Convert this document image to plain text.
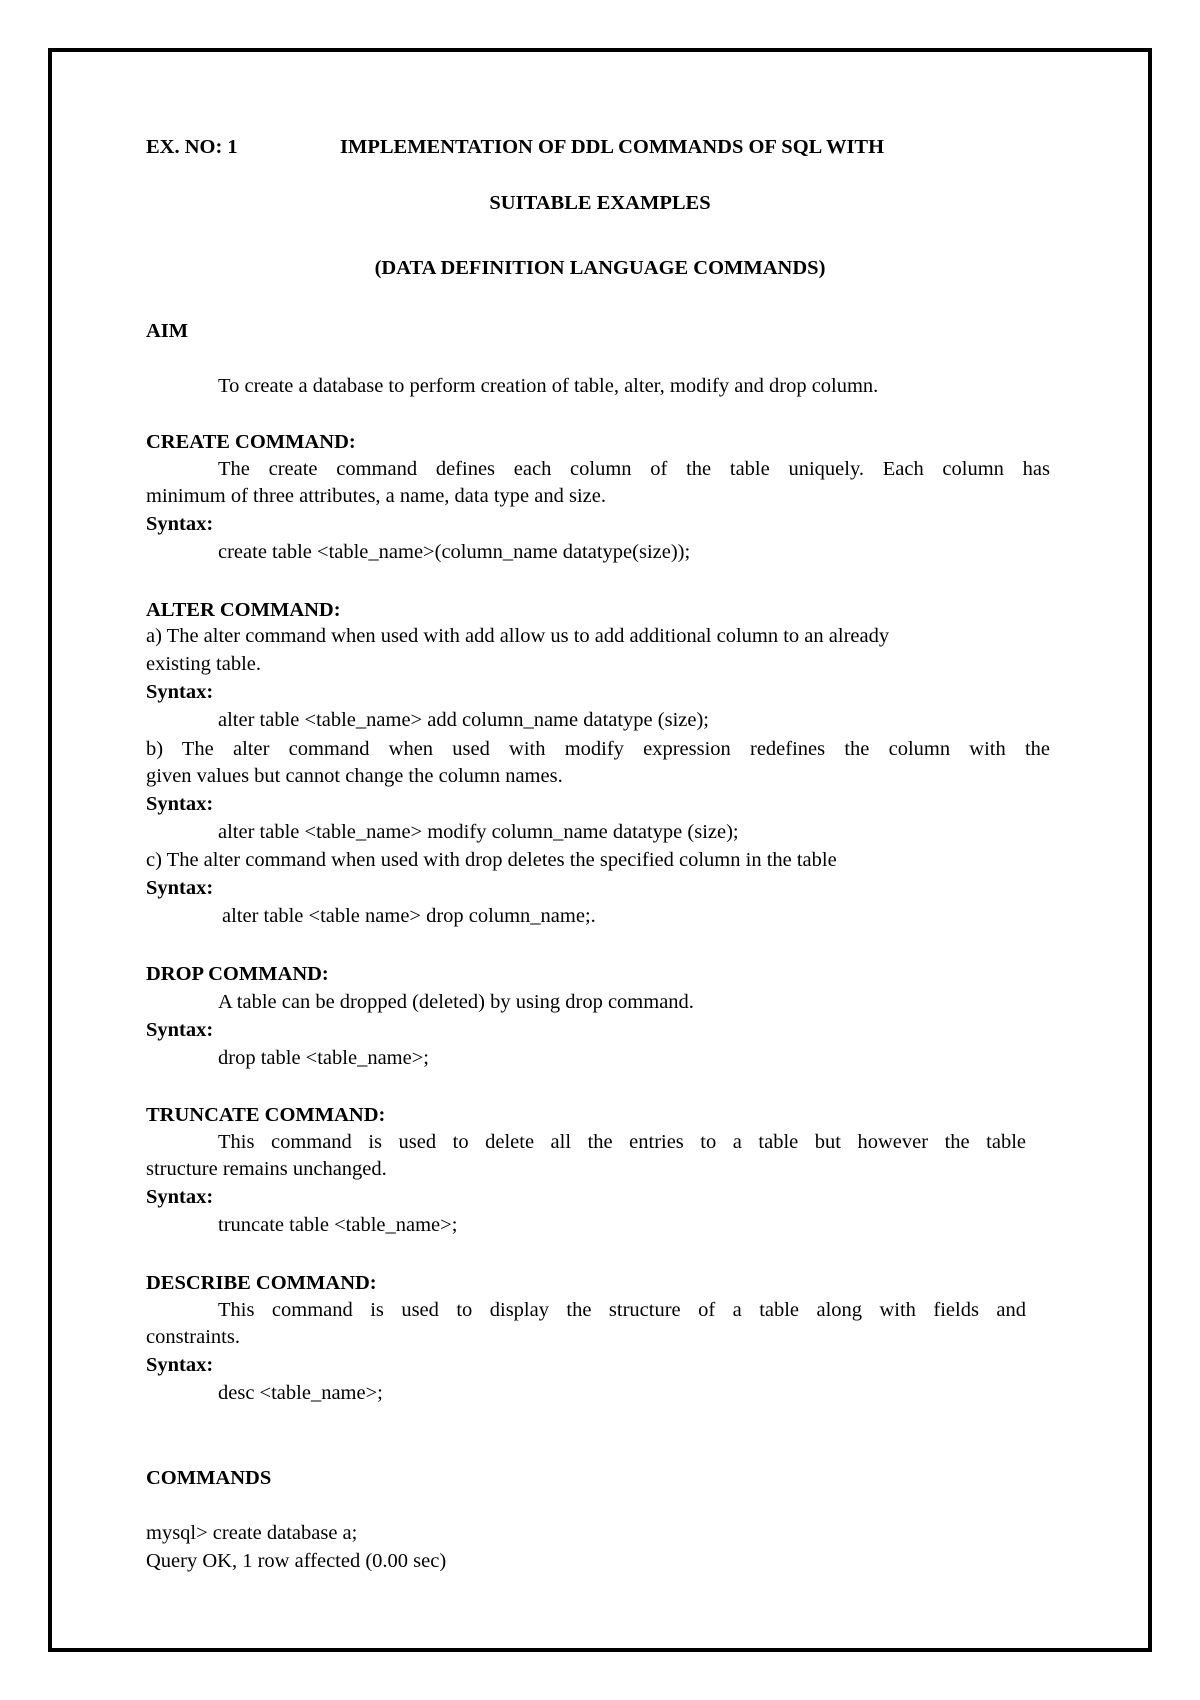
EX. NO: 1	IMPLEMENTATION OF DDL COMMANDS OF SQL WITH
SUITABLE EXAMPLES
(DATA DEFINITION LANGUAGE COMMANDS)
AIM
To create a database to perform creation of table, alter, modify and drop column.
CREATE COMMAND:
The create command defines each column of the table uniquely. Each column has
minimum of three attributes, a name, data type and size.
Syntax:
create table <table_name>(column_name datatype(size));
ALTER COMMAND:
a) The alter command when used with add allow us to add additional column to an already
existing table.
Syntax:
alter table <table_name> add column_name datatype (size);
b) The alter command when used with modify expression redefines the column with the
given values but cannot change the column names.
Syntax:
alter table <table_name> modify column_name datatype (size);
c) The alter command when used with drop deletes the specified column in the table
Syntax:
alter table <table name> drop column_name;.
DROP COMMAND:
A table can be dropped (deleted) by using drop command.
Syntax:
drop table <table_name>;
TRUNCATE COMMAND:
This command is used to delete all the entries to a table but however the table
structure remains unchanged.
Syntax:
truncate table <table_name>;
DESCRIBE COMMAND:
This command is used to display the structure of a table along with fields and
constraints.
Syntax:
desc <table_name>;
COMMANDS
mysql> create database a;
Query OK, 1 row affected (0.00 sec)
